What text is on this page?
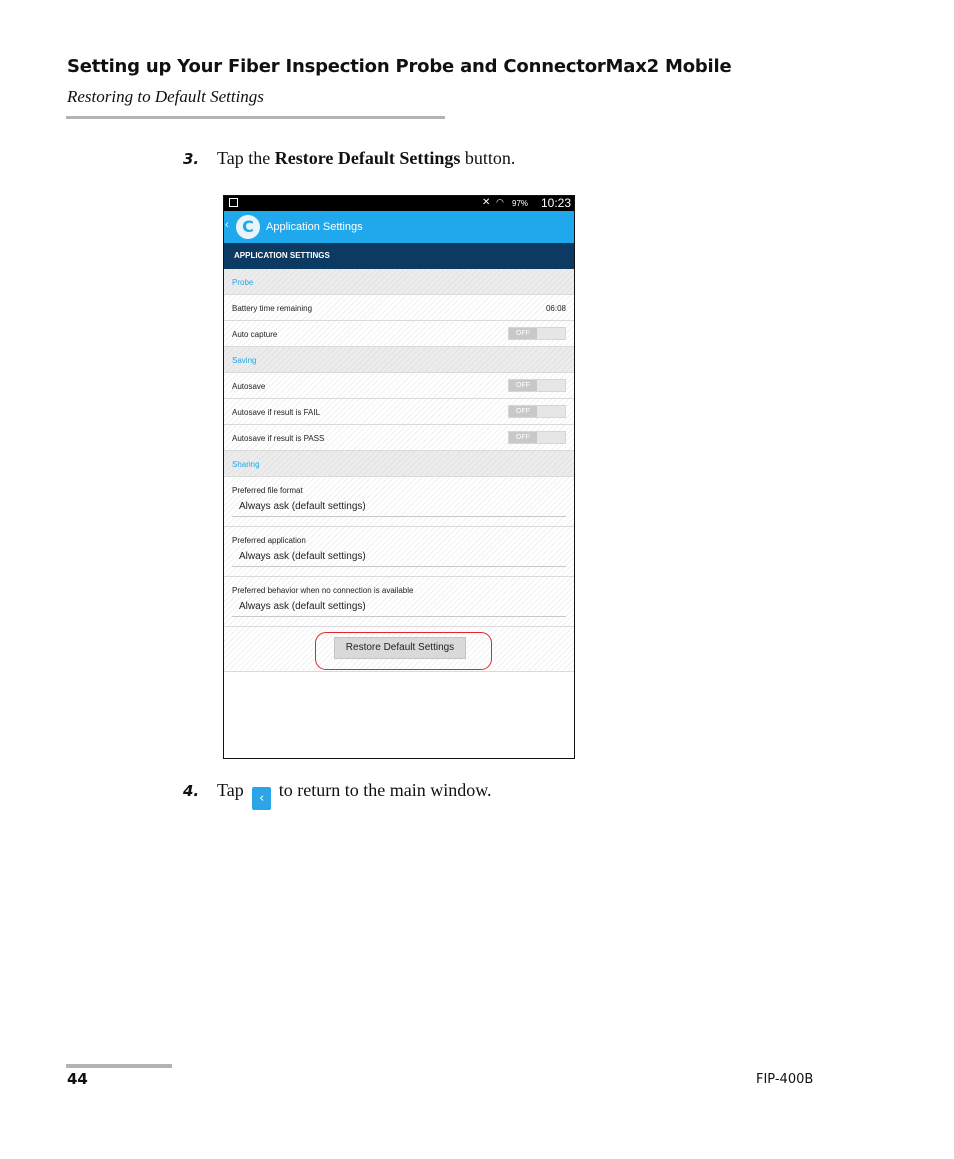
Setting up Your Fiber Inspection Probe and ConnectorMax2 Mobile
Restoring to Default Settings
3. Tap the Restore Default Settings button.
✕ ◠ 97% 10:23
‹ C	Application Settings
APPLICATION SETTINGS
Probe
Battery time remaining	06:08
Auto capture	OFF
Saving
Autosave	OFF
Autosave if result is FAIL	OFF
Autosave if result is PASS	OFF
Sharing
Preferred file format
Always ask (default settings)
Preferred application
Always ask (default settings)
Preferred behavior when no connection is available
Always ask (default settings)
Restore Default Settings
4. Tap ‹ to return to the main window.
44	FIP-400B
